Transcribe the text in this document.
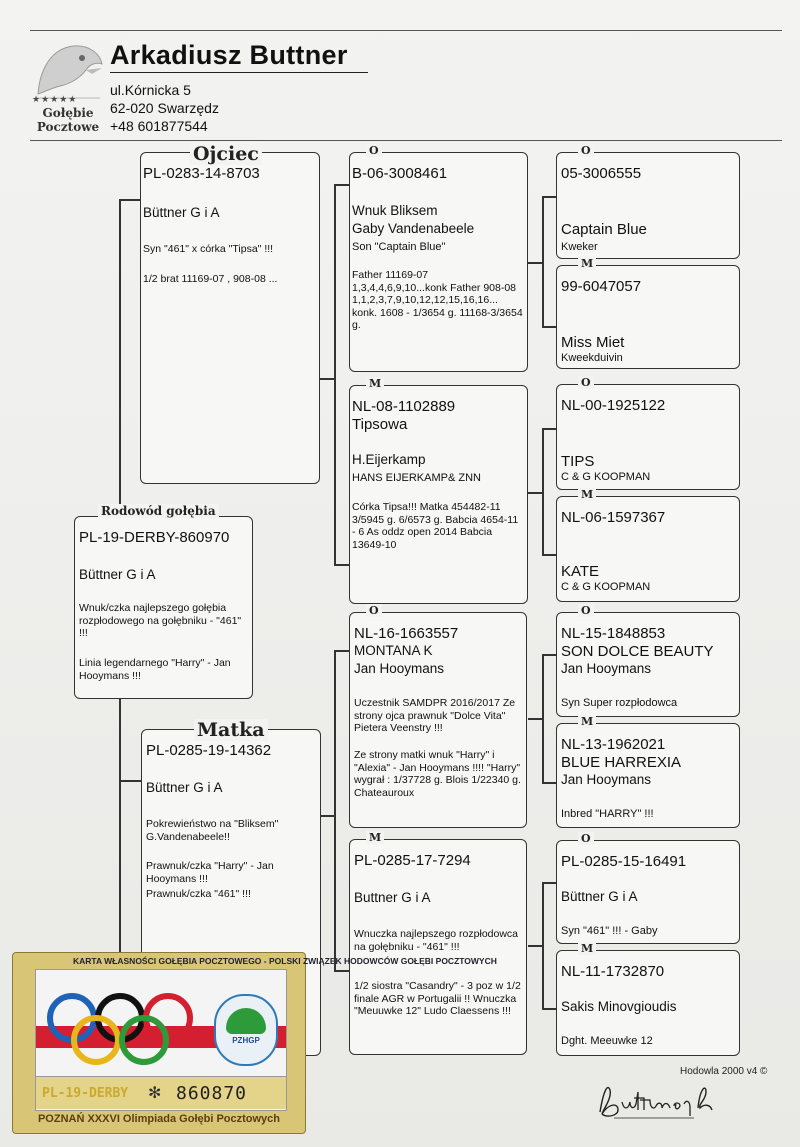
★★★★★
Gołębie
Pocztowe
Arkadiusz Buttner
ul.Kórnicka 5
62-020 Swarzędz
+48 601877544
PL-19-DERBY-860970
Büttner G i A
Wnuk/czka najlepszego gołębia rozpłodowego na gołębniku - "461" !!!
Linia legendarnego "Harry" - Jan Hooymans !!!
Rodowód gołębia
PL-0283-14-8703
Büttner G i A
Syn "461" x córka "Tipsa" !!!
1/2 brat 11169-07 , 908-08 ...
Ojciec
PL-0285-19-14362
Büttner G i A
Pokrewieństwo na "Bliksem" G.Vandenabeele!!
Prawnuk/czka "Harry" - Jan Hooymans !!!
Prawnuk/czka "461" !!!
Matka
B-06-3008461
Wnuk Bliksem
Gaby Vandenabeele
Son "Captain Blue"
Father 11169-07 1,3,4,4,6,9,10...konk Father 908-08 1,1,2,3,7,9,10,12,12,15,16,16... konk. 1608 - 1/3654 g. 11168-3/3654 g.
O
NL-08-1102889
Tipsowa
H.Eijerkamp
HANS EIJERKAMP& ZNN
Córka Tipsa!!! Matka 454482-11 3/5945 g. 6/6573 g. Babcia 4654-11 - 6 As oddz open 2014 Babcia 13649-10
M
NL-16-1663557
MONTANA K
Jan Hooymans
Uczestnik SAMDPR 2016/2017 Ze strony ojca prawnuk "Dolce Vita" Pietera Veenstry !!!
Ze strony matki wnuk "Harry" i "Alexia" - Jan Hooymans !!!! "Harry" wygrał : 1/37728 g. Blois 1/22340 g. Chateauroux
O
PL-0285-17-7294
Buttner G i A
Wnuczka najlepszego rozpłodowca na gołębniku - "461" !!!
1/2 siostra "Casandry" - 3 poz w 1/2 finale AGR w Portugalii !! Wnuczka "Meuuwke 12" Ludo Claessens !!!
M
05-3006555
Captain Blue
Kweker
O
99-6047057
Miss Miet
Kweekduivin
M
NL-00-1925122
TIPS
C & G KOOPMAN
O
NL-06-1597367
KATE
C & G KOOPMAN
M
NL-15-1848853
SON DOLCE BEAUTY
Jan Hooymans
Syn Super rozpłodowca
O
NL-13-1962021
BLUE HARREXIA
Jan Hooymans
Inbred "HARRY" !!!
M
PL-0285-15-16491
Büttner G i A
Syn "461" !!! - Gaby
O
NL-11-1732870
Sakis Minovgioudis
Dght. Meeuwke 12
M
Hodowla 2000 v4 ©
KARTA WŁASNOŚCI GOŁĘBIA POCZTOWEGO - POLSKI ZWIĄZEK HODOWCÓW GOŁĘBI POCZTOWYCH
PZHGP
PL-19-DERBY ✻ 860870
POZNAŃ XXXVI Olimpiada Gołębi Pocztowych
